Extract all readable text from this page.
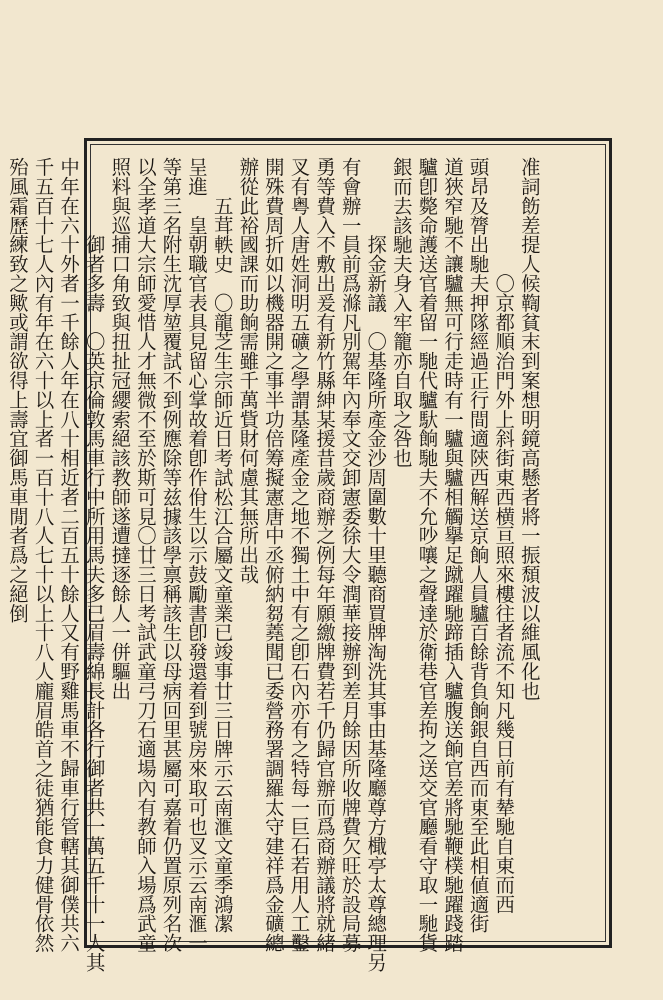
准詞飭差提人候鞫貧末到案想明鏡高懸者將一振頹波以維風化也
　　　　　　〇京都順治門外上斜街東西横亘照來樓往者流不知凡幾日前有辇馳自東而西
頭昂及膂出馳夫押隊經過正行間適陝西解送京餉人員驢百餘背負餉銀自西而東至此相値適街
道狹窄馳不讓驢無可行走時有一驢與驢相觸擧足蹴躍馳蹄插入驢腹送餉官差將馳鞭樸馳躍踐踏
驢卽斃命護送官着留一馳代驢馱餉馳夫不允吵嚷之聲達於衛巷官差拘之送交官廳看守取一馳貨
銀而去該馳夫身入牢籠亦自取之咎也
　　　　探金新議　〇基隆所產金沙周圍數十里聽商買牌淘洗其事由基隆廳尊方檝亭太尊總理另
有會辦一員前爲滌凡別駕年內奉文交卸憲委徐大令潤華接辦到差月餘因所收牌費欠旺於設局募
勇等費入不敷出爰有新竹縣紳某援昔歲商辦之例每年願繳牌費若千仍歸官辦而爲商辦議將就緒
叉有粤人唐姓洞明五礦之學謂基隆產金之地不獨土中有之卽石內亦有之特每一巨石若用人工鑿
開殊費周折如以機器開之事半功倍筹擬憲唐中丞俯納芻蕘聞已委營務署調羅太守建祥爲金礦總
辦從此裕國課而助餉需雖千萬貲財何慮其無所出哉
　　五茸軼史　〇龍芝生宗師近日考試松江合屬文童業已竣事廿三日牌示云南滙文童季鴻㓗
呈進　皇朝職官表具見留心掌故着卽作佾生以示鼓勵書卽發還着到號房來取可也叉示云南滙一
等第三名附生沈厚堃覆試不到例應除等兹據該學禀稱該生以母病回里甚屬可嘉着仍置原列名次
以全孝道大宗師愛惜人才無微不至於斯可見〇廿三日考試武童弓刀石適場內有教師入場爲武童
照料與巡捕口角致與扭扯冠纓索絕該教師遂遭撻逐餘人一併驅出
　　　　御者多壽　〇英京倫敦馬車行中所用馬夫多已眉壽綿長計各行御者共一萬五千十一人其
中年在六十外者一千餘人年在八十相近者二百五十餘人又有野雞馬車不歸車行管轄其御僕共六
千五百十七人內有年在六十以上者一百十八人七十以上十八人龐眉皓首之徒猶能食力健骨依然
殆風霜歷練致之歟或謂欲得上壽宜御馬車閒者爲之絕倒
